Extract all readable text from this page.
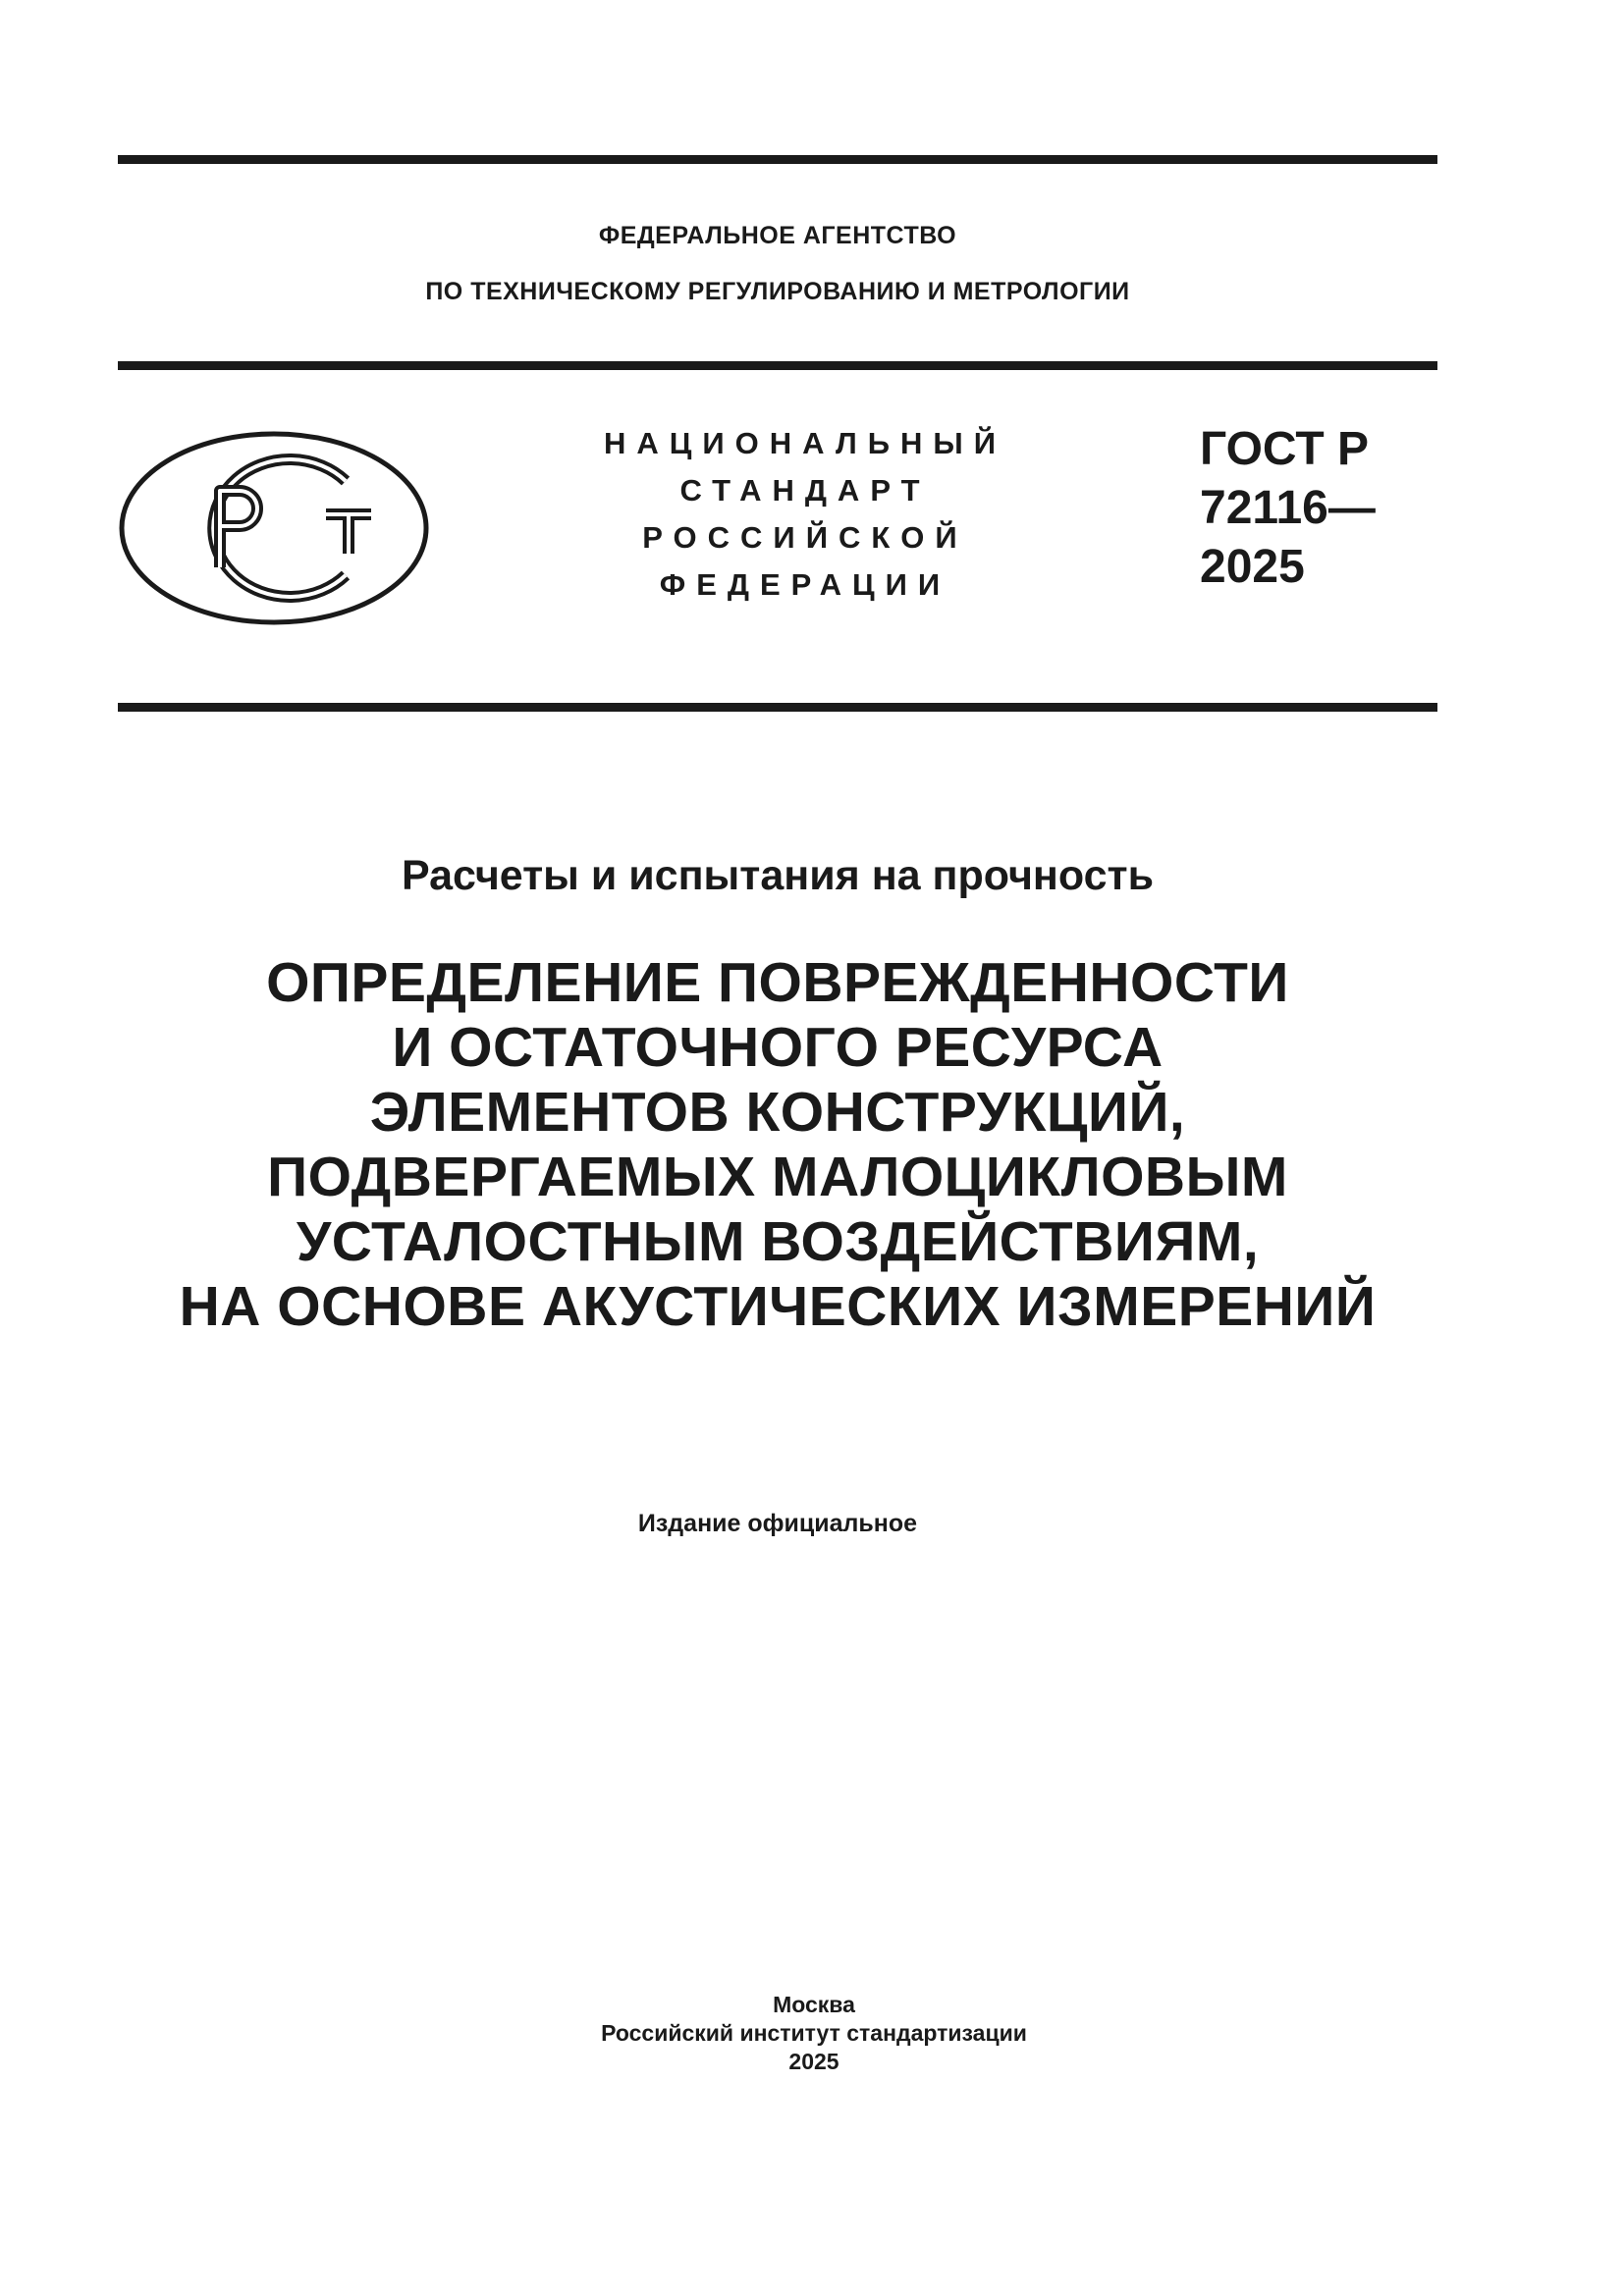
ФЕДЕРАЛЬНОЕ АГЕНТСТВО
ПО ТЕХНИЧЕСКОМУ РЕГУЛИРОВАНИЮ И МЕТРОЛОГИИ
НАЦИОНАЛЬНЫЙ
СТАНДАРТ
РОССИЙСКОЙ
ФЕДЕРАЦИИ
ГОСТ Р
72116—
2025
Расчеты и испытания на прочность
ОПРЕДЕЛЕНИЕ ПОВРЕЖДЕННОСТИ
И ОСТАТОЧНОГО РЕСУРСА
ЭЛЕМЕНТОВ КОНСТРУКЦИЙ,
ПОДВЕРГАЕМЫХ МАЛОЦИКЛОВЫМ
УСТАЛОСТНЫМ ВОЗДЕЙСТВИЯМ,
НА ОСНОВЕ АКУСТИЧЕСКИХ ИЗМЕРЕНИЙ
Издание официальное
Москва
Российский институт стандартизации
2025
